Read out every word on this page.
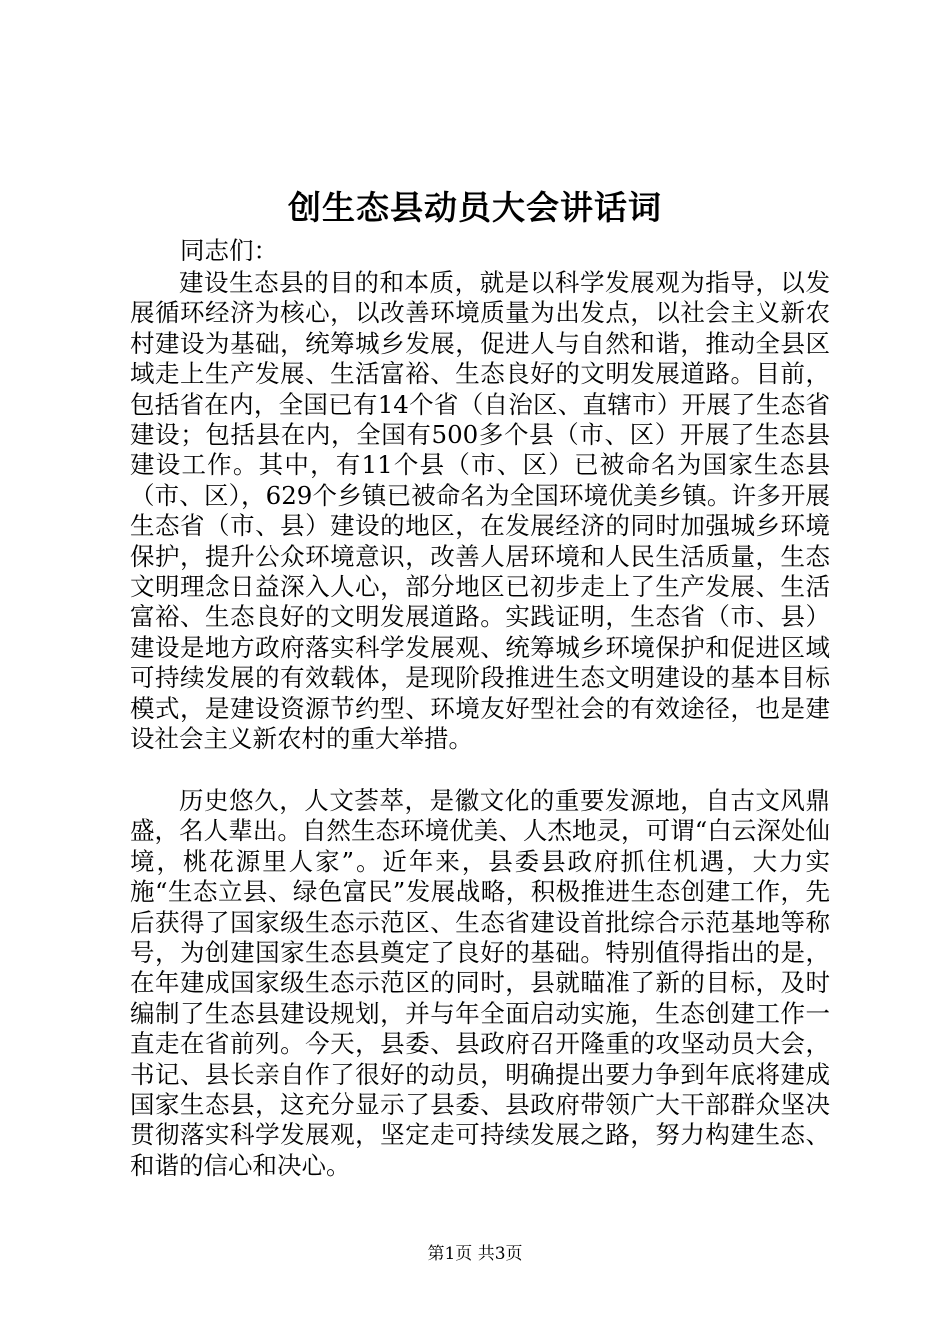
创生态县动员大会讲话词
同志们：
建设生态县的目的和本质，就是以科学发展观为指导，以发展循环经济为核心，以改善环境质量为出发点，以社会主义新农村建设为基础，统筹城乡发展，促进人与自然和谐，推动全县区域走上生产发展、生活富裕、生态良好的文明发展道路。目前，包括省在内，全国已有14个省（自治区、直辖市）开展了生态省建设；包括县在内，全国有500多个县（市、区）开展了生态县建设工作。其中，有11个县（市、区）已被命名为国家生态县（市、区），629个乡镇已被命名为全国环境优美乡镇。许多开展生态省（市、县）建设的地区，在发展经济的同时加强城乡环境保护，提升公众环境意识，改善人居环境和人民生活质量，生态文明理念日益深入人心，部分地区已初步走上了生产发展、生活富裕、生态良好的文明发展道路。实践证明，生态省（市、县）建设是地方政府落实科学发展观、统筹城乡环境保护和促进区域可持续发展的有效载体，是现阶段推进生态文明建设的基本目标模式，是建设资源节约型、环境友好型社会的有效途径，也是建设社会主义新农村的重大举措。
历史悠久，人文荟萃，是徽文化的重要发源地，自古文风鼎盛，名人辈出。自然生态环境优美、人杰地灵，可谓“白云深处仙境，桃花源里人家”。近年来，县委县政府抓住机遇，大力实施“生态立县、绿色富民”发展战略，积极推进生态创建工作，先后获得了国家级生态示范区、生态省建设首批综合示范基地等称号，为创建国家生态县奠定了良好的基础。特别值得指出的是，在年建成国家级生态示范区的同时，县就瞄准了新的目标，及时编制了生态县建设规划，并与年全面启动实施，生态创建工作一直走在省前列。今天，县委、县政府召开隆重的攻坚动员大会，书记、县长亲自作了很好的动员，明确提出要力争到年底将建成国家生态县，这充分显示了县委、县政府带领广大干部群众坚决贯彻落实科学发展观，坚定走可持续发展之路，努力构建生态、和谐的信心和决心。
第1页 共3页
